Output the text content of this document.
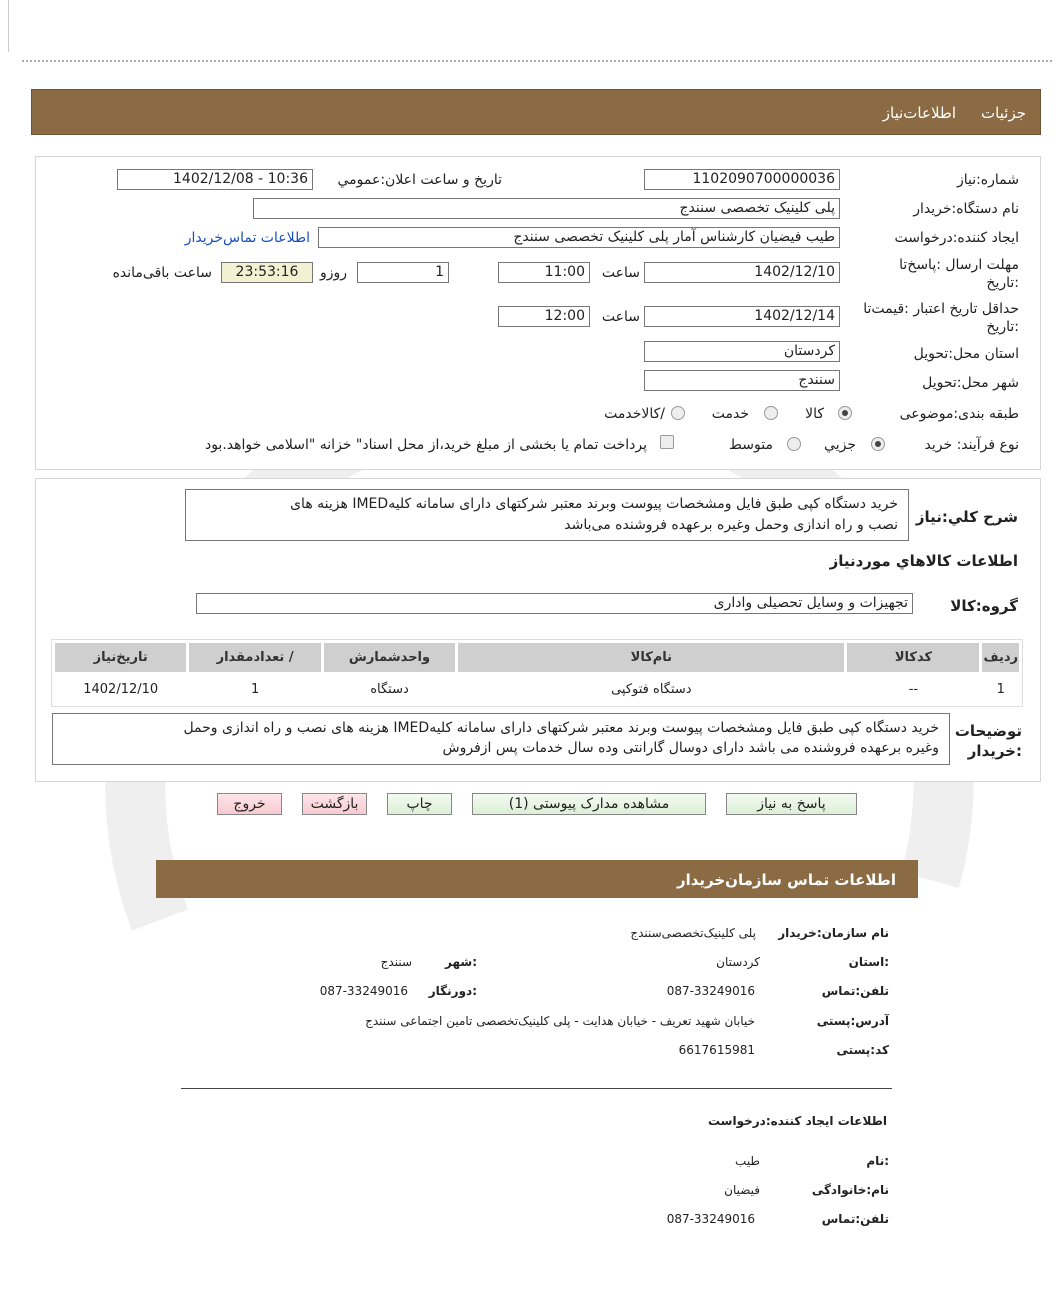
جزئیات
اطلاعات‌نیاز
شماره:نیاز
1102090700000036
تاریخ و ساعت اعلان:عمومي
1402/12/08 - 10:36
نام دستگاه:خریدار
پلی کلینیک تخصصی سنندج
ایجاد کننده:درخواست
طیب فیضیان کارشناس آمار پلی کلینیک تخصصی سنندج
اطلاعات تماس‌خریدار
مهلت ارسال :پاسخ‌تا
:تاریخ
1402/12/10
ساعت
11:00
1
روزو
23:53:16
ساعت باقی‌مانده
حداقل تاریخ اعتبار :قیمت‌تا
:تاریخ
1402/12/14
ساعت
12:00
استان محل:تحویل
کردستان
شهر محل:تحویل
سنندج
طبقه بندی:موضوعی
کالا
خدمت
/کالاخدمت
نوع فرآیند: خرید
جزیي
متوسط
پرداخت تمام یا بخشی از مبلغ خرید،از محل اسناد" خزانه "اسلامی خواهد.بود
شرح کلي:نیاز
خرید دستگاه کپی طبق فایل ومشخصات پیوست وبرند معتبر شرکتهای دارای سامانه کلیهIMED هزینه های
نصب و راه اندازی وحمل وغیره برعهده فروشنده می‌باشد
اطلاعات کالاهاي موردنیاز
گروه:کالا
تجهیزات و وسایل تحصیلی واداری
ردیف	کدکالا	نام‌کالا	واحدشمارش	/ تعدادمقدار	تاریخ‌نیاز
1	--	دستگاه فتوکپی	دستگاه	1	1402/12/10
توضیحات
:خریدار
خرید دستگاه کپی طبق فایل ومشخصات پیوست وبرند معتبر شرکتهای دارای سامانه کلیهIMED هزینه های نصب و راه اندازی وحمل
وغیره برعهده فروشنده می باشد دارای دوسال گارانتی وده سال خدمات پس ازفروش
پاسخ به نیاز
مشاهده مدارک پیوستی (1)
چاپ
بازگشت
خروج
اطلاعات تماس سازمان‌خریدار
نام سازمان:خریدار
پلی کلینیک‌تخصصی‌سنندج
:استان
کردستان
:شهر
سنندج
تلفن:تماس
087-33249016
:دورنگار
087-33249016
آدرس:پستی
خیابان شهید تعریف - خیابان هدایت - پلی کلینیک‌تخصصی تامین اجتماعی سنندج
کد:پستی
6617615981
اطلاعات ایجاد کننده:درخواست
:نام
طیب
نام:خانوادگی
فیضیان
تلفن:تماس
087-33249016
